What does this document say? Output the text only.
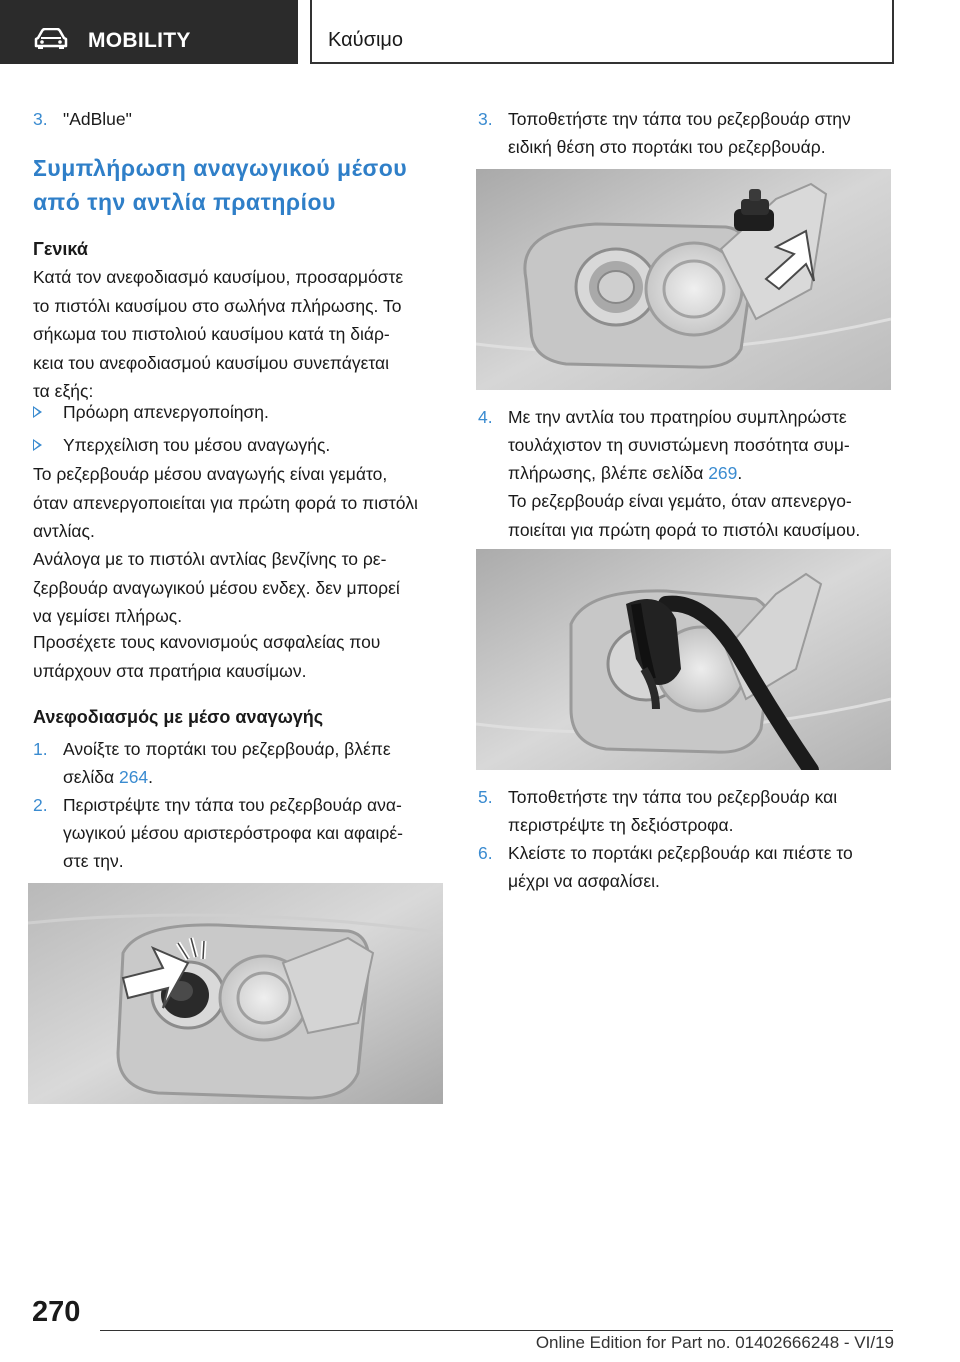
MOBILITY	Καύσιμο
3. "AdBlue"
Συμπλήρωση αναγωγικού μέσου
από την αντλία πρατηρίου
Γενικά
Κατά τον ανεφοδιασμό καυσίμου, προσαρμόστε
το πιστόλι καυσίμου στο σωλήνα πλήρωσης. Το
σήκωμα του πιστολιού καυσίμου κατά τη διάρ-
κεια του ανεφοδιασμού καυσίμου συνεπάγεται
τα εξής:
Πρόωρη απενεργοποίηση.
Υπερχείλιση του μέσου αναγωγής.
Το ρεζερβουάρ μέσου αναγωγής είναι γεμάτο,
όταν απενεργοποιείται για πρώτη φορά το πιστόλι
αντλίας.
Ανάλογα με το πιστόλι αντλίας βενζίνης το ρε-
ζερβουάρ αναγωγικού μέσου ενδεχ. δεν μπορεί
να γεμίσει πλήρως.
Προσέχετε τους κανονισμούς ασφαλείας που
υπάρχουν στα πρατήρια καυσίμων.
Ανεφοδιασμός με μέσο αναγωγής
1. Ανοίξτε το πορτάκι του ρεζερβουάρ, βλέπε
σελίδα 264.
2. Περιστρέψτε την τάπα του ρεζερβουάρ ανα-
γωγικού μέσου αριστερόστροφα και αφαιρέ-
στε την.
3. Τοποθετήστε την τάπα του ρεζερβουάρ στην
ειδική θέση στο πορτάκι του ρεζερβουάρ.
4. Με την αντλία του πρατηρίου συμπληρώστε
τουλάχιστον τη συνιστώμενη ποσότητα συμ-
πλήρωσης, βλέπε σελίδα 269.
Το ρεζερβουάρ είναι γεμάτο, όταν απενεργο-
ποιείται για πρώτη φορά το πιστόλι καυσίμου.
5. Τοποθετήστε την τάπα του ρεζερβουάρ και
περιστρέψτε τη δεξιόστροφα.
6. Κλείστε το πορτάκι ρεζερβουάρ και πιέστε το
μέχρι να ασφαλίσει.
270
Online Edition for Part no. 01402666248 - VI/19
